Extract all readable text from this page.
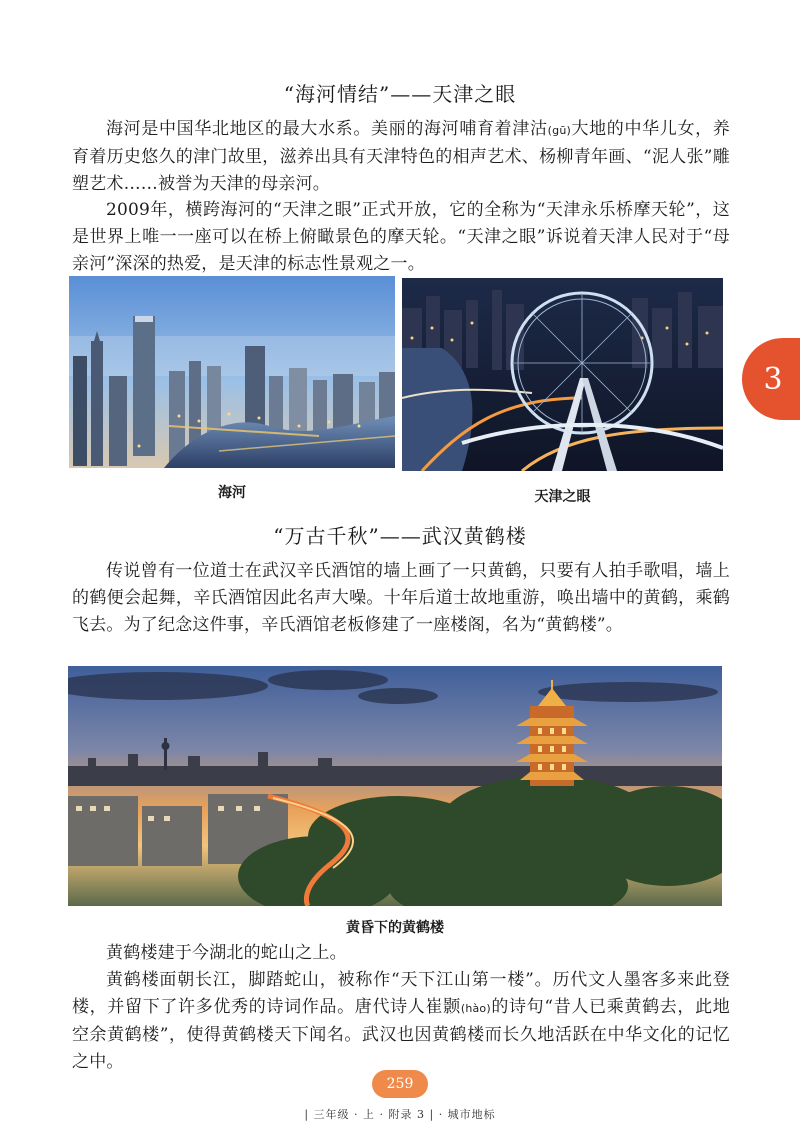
“海河情结”——天津之眼

海河是中国华北地区的最大水系。美丽的海河哺育着津沽(gū)大地的中华儿女，养育着历史悠久的津门故里，滋养出具有天津特色的相声艺术、杨柳青年画、“泥人张”雕塑艺术……被誉为天津的母亲河。

2009年，横跨海河的“天津之眼”正式开放，它的全称为“天津永乐桥摩天轮”，这是世界上唯一一座可以在桥上俯瞰景色的摩天轮。“天津之眼”诉说着天津人民对于“母亲河”深深的热爱，是天津的标志性景观之一。

海河	天津之眼
“万古千秋”——武汉黄鹤楼

传说曾有一位道士在武汉辛氏酒馆的墙上画了一只黄鹤，只要有人拍手歌唱，墙上的鹤便会起舞，辛氏酒馆因此名声大噪。十年后道士故地重游，唤出墙中的黄鹤，乘鹤飞去。为了纪念这件事，辛氏酒馆老板修建了一座楼阁，名为“黄鹤楼”。

黄昏下的黄鹤楼

黄鹤楼建于今湖北的蛇山之上。

黄鹤楼面朝长江，脚踏蛇山，被称作“天下江山第一楼”。历代文人墨客多来此登楼，并留下了许多优秀的诗词作品。唐代诗人崔颢(hào)的诗句“昔人已乘黄鹤去，此地空余黄鹤楼”，使得黄鹤楼天下闻名。武汉也因黄鹤楼而长久地活跃在中华文化的记忆之中。

3
259
| 三年级 · 上 · 附录 3 | · 城市地标
